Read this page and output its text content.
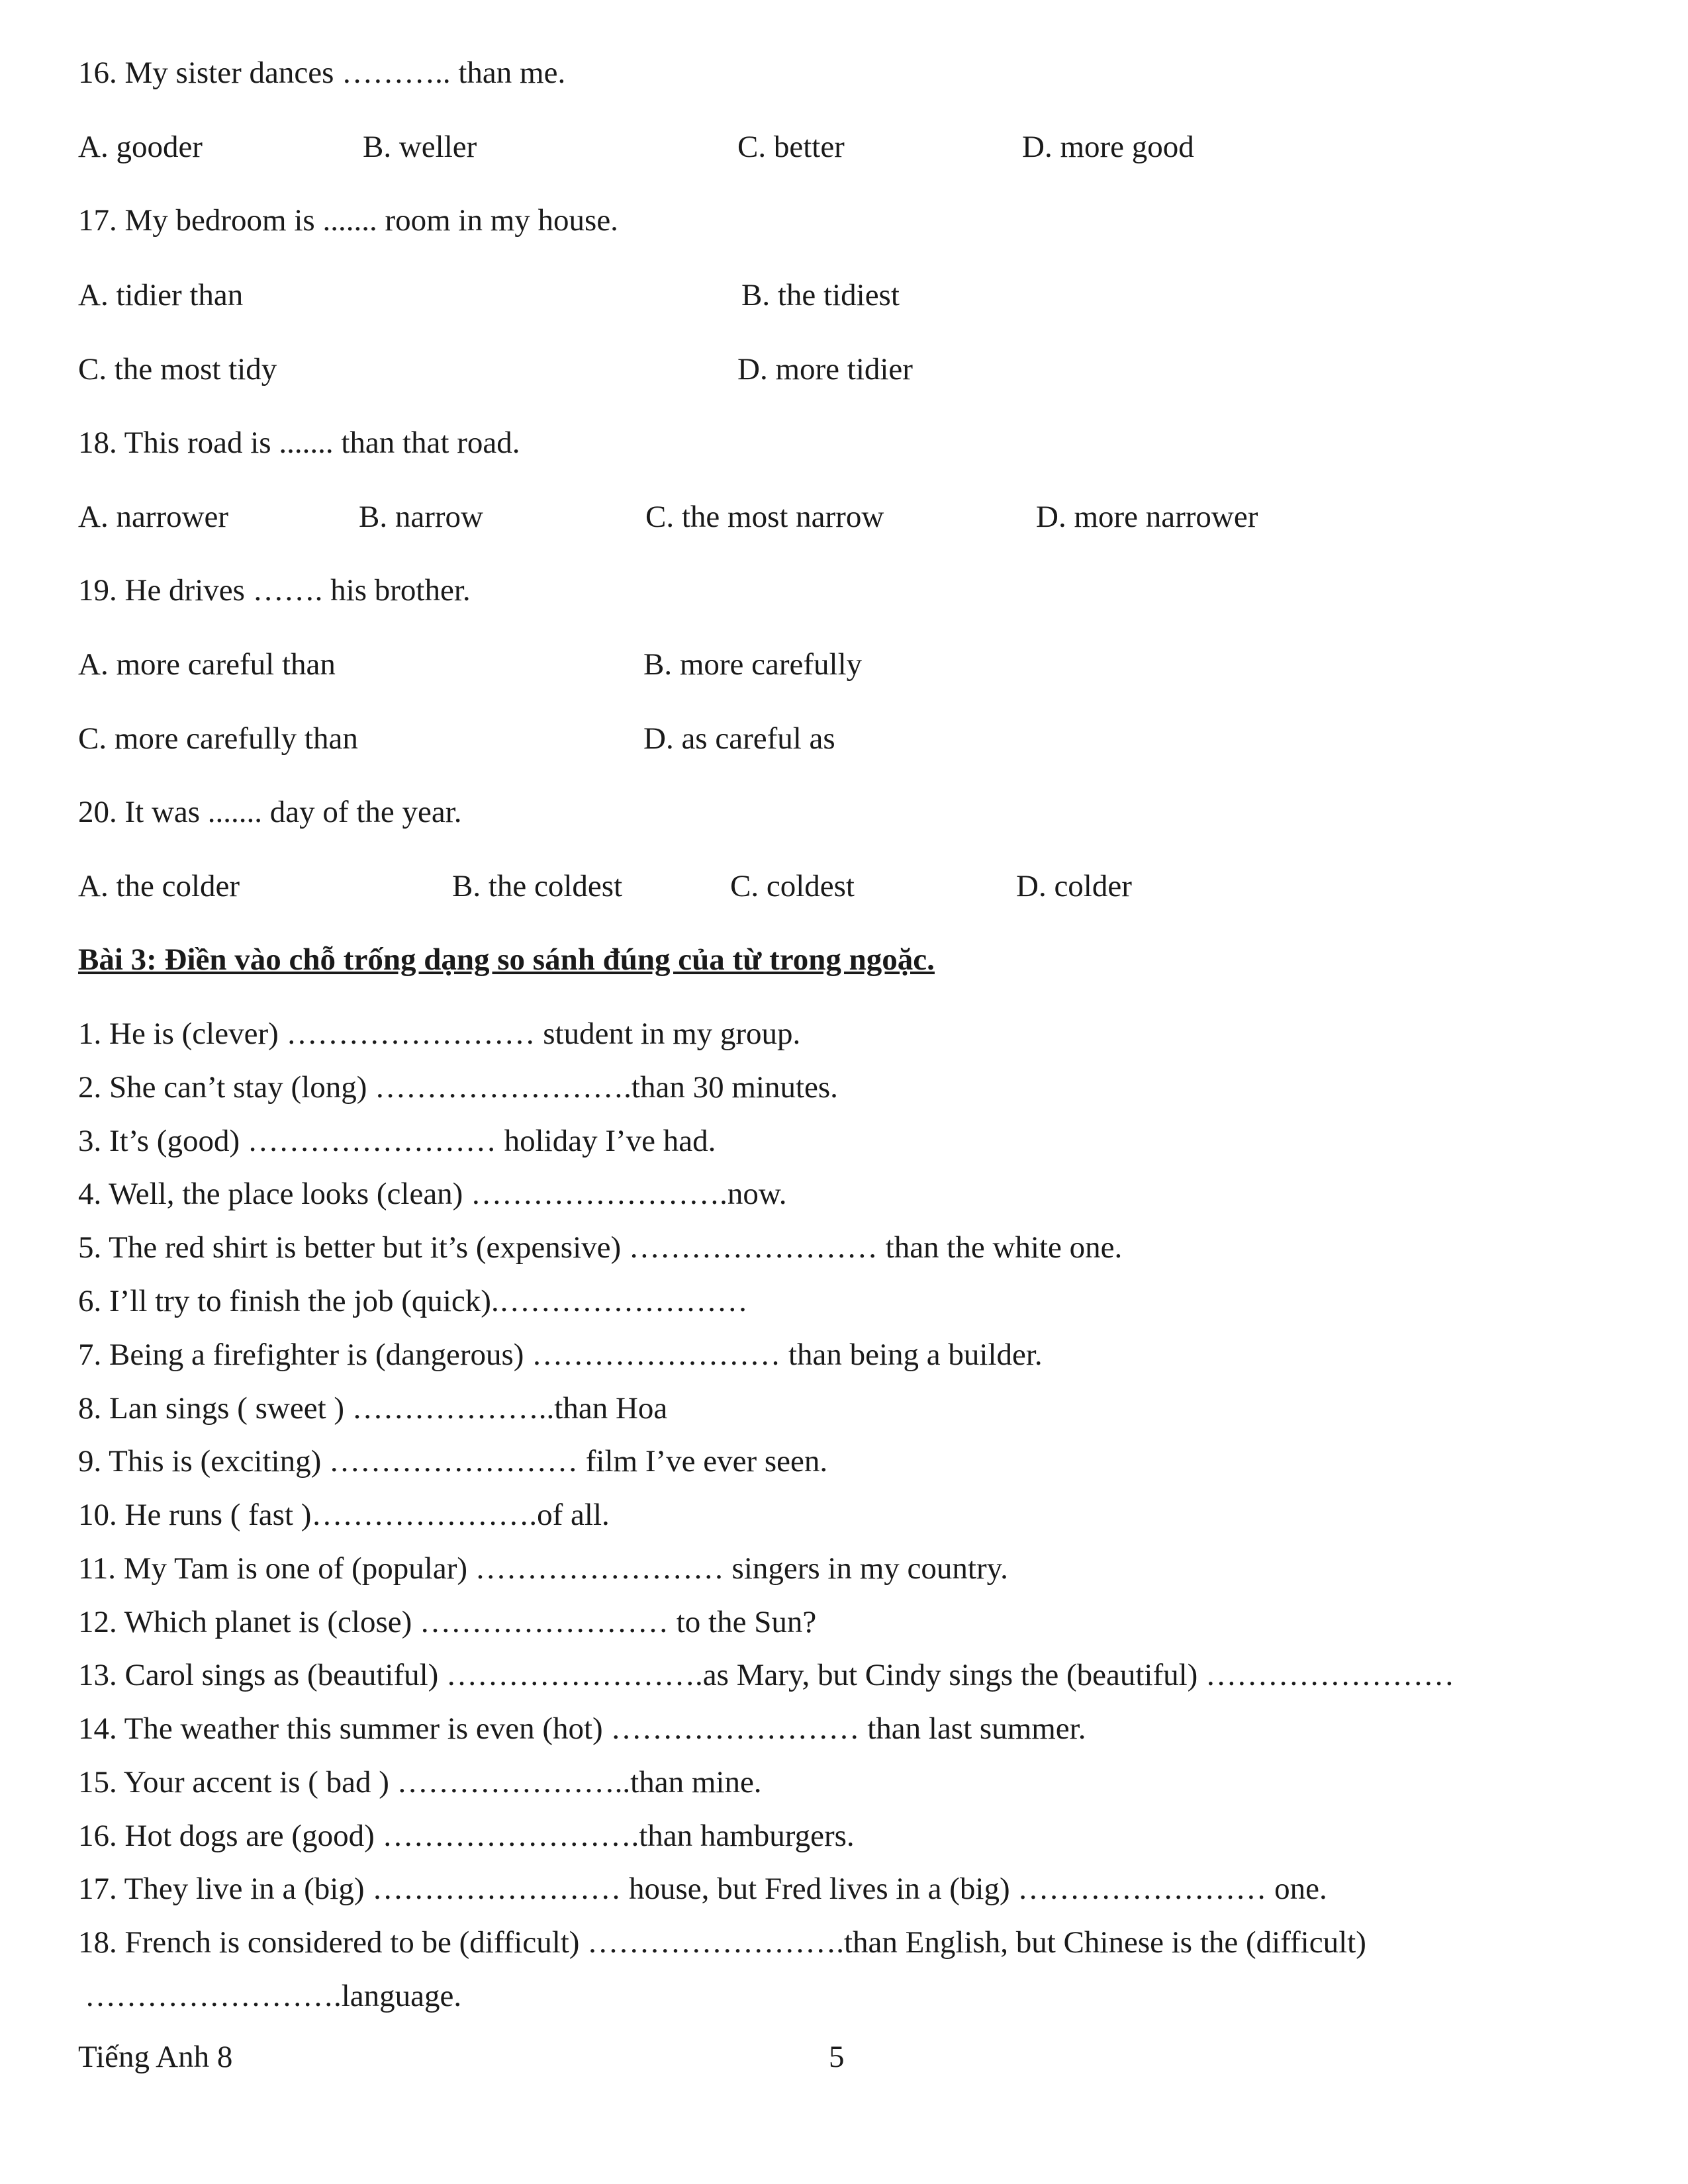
16. My sister dances ……….. than me.
A. gooder	B. weller	C. better	D. more good
17. My bedroom is ....... room in my house.
A. tidier than	B. the tidiest
C. the most tidy	D. more tidier
18. This road is ....... than that road.
A. narrower	B. narrow	C. the most narrow	D. more narrower
19. He drives ……. his brother.
A. more careful than	B. more carefully
C. more carefully than	D. as careful as
20. It was ....... day of the year.
A. the colder	B. the coldest	C. coldest	D. colder
Bài 3: Điền vào chỗ trống dạng so sánh đúng của từ trong ngoặc.
1. He is (clever) …………………… student in my group.
2. She can’t stay (long) …………………….than 30 minutes.
3. It’s (good) …………………… holiday I’ve had.
4. Well, the place looks (clean) …………………….now.
5. The red shirt is better but it’s (expensive) …………………… than the white one.
6. I’ll try to finish the job (quick).……………………
7. Being a firefighter is (dangerous) …………………… than being a builder.
8. Lan sings ( sweet ) ………………..than Hoa
9. This is (exciting) …………………… film I’ve ever seen.
10. He runs ( fast )………………….of all.
11. My Tam is one of (popular) …………………… singers in my country.
12. Which planet is (close) …………………… to the Sun?
13. Carol sings as (beautiful) …………………….as Mary, but Cindy sings the (beautiful) ……………………
14. The weather this summer is even (hot) …………………… than last summer.
15. Your accent is ( bad ) …………………..than mine.
16. Hot dogs are (good) …………………….than hamburgers.
17. They live in a (big) …………………… house, but Fred lives in a (big) …………………… one.
18. French is considered to be (difficult) …………………….than English, but Chinese is the (difficult)
…………………….language.
Tiếng Anh 8	5
